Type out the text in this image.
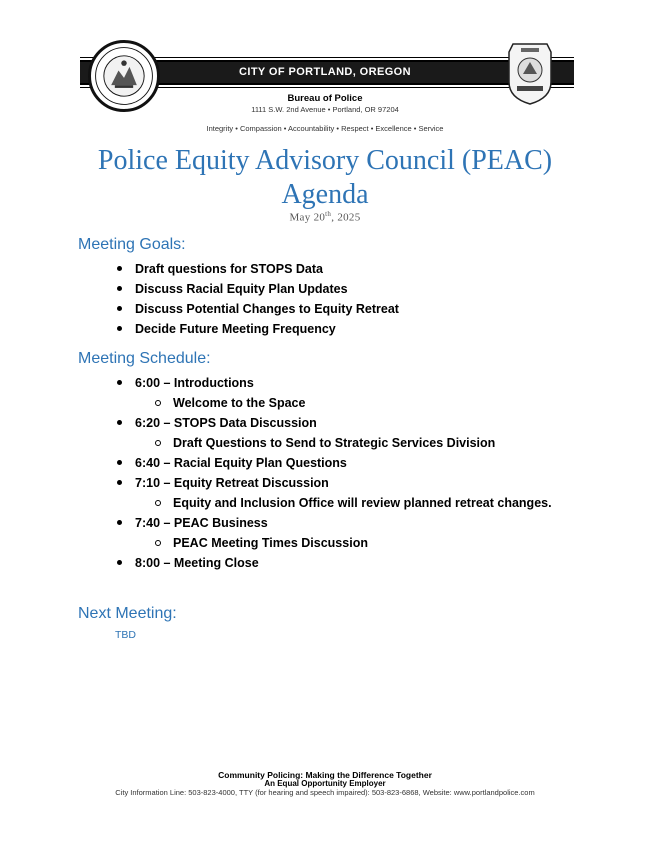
CITY OF PORTLAND, OREGON
Bureau of Police
1111 S.W. 2nd Avenue • Portland, OR 97204
Integrity • Compassion • Accountability • Respect • Excellence • Service
Police Equity Advisory Council (PEAC)
Agenda
May 20th, 2025
Meeting Goals:
Draft questions for STOPS Data
Discuss Racial Equity Plan Updates
Discuss Potential Changes to Equity Retreat
Decide Future Meeting Frequency
Meeting Schedule:
6:00 – Introductions
Welcome to the Space
6:20 – STOPS Data Discussion
Draft Questions to Send to Strategic Services Division
6:40 – Racial Equity Plan Questions
7:10 – Equity Retreat Discussion
Equity and Inclusion Office will review planned retreat changes.
7:40 – PEAC Business
PEAC Meeting Times Discussion
8:00 – Meeting Close
Next Meeting:
TBD
Community Policing: Making the Difference Together
An Equal Opportunity Employer
City Information Line: 503-823-4000, TTY (for hearing and speech impaired): 503-823-6868, Website: www.portlandpolice.com
